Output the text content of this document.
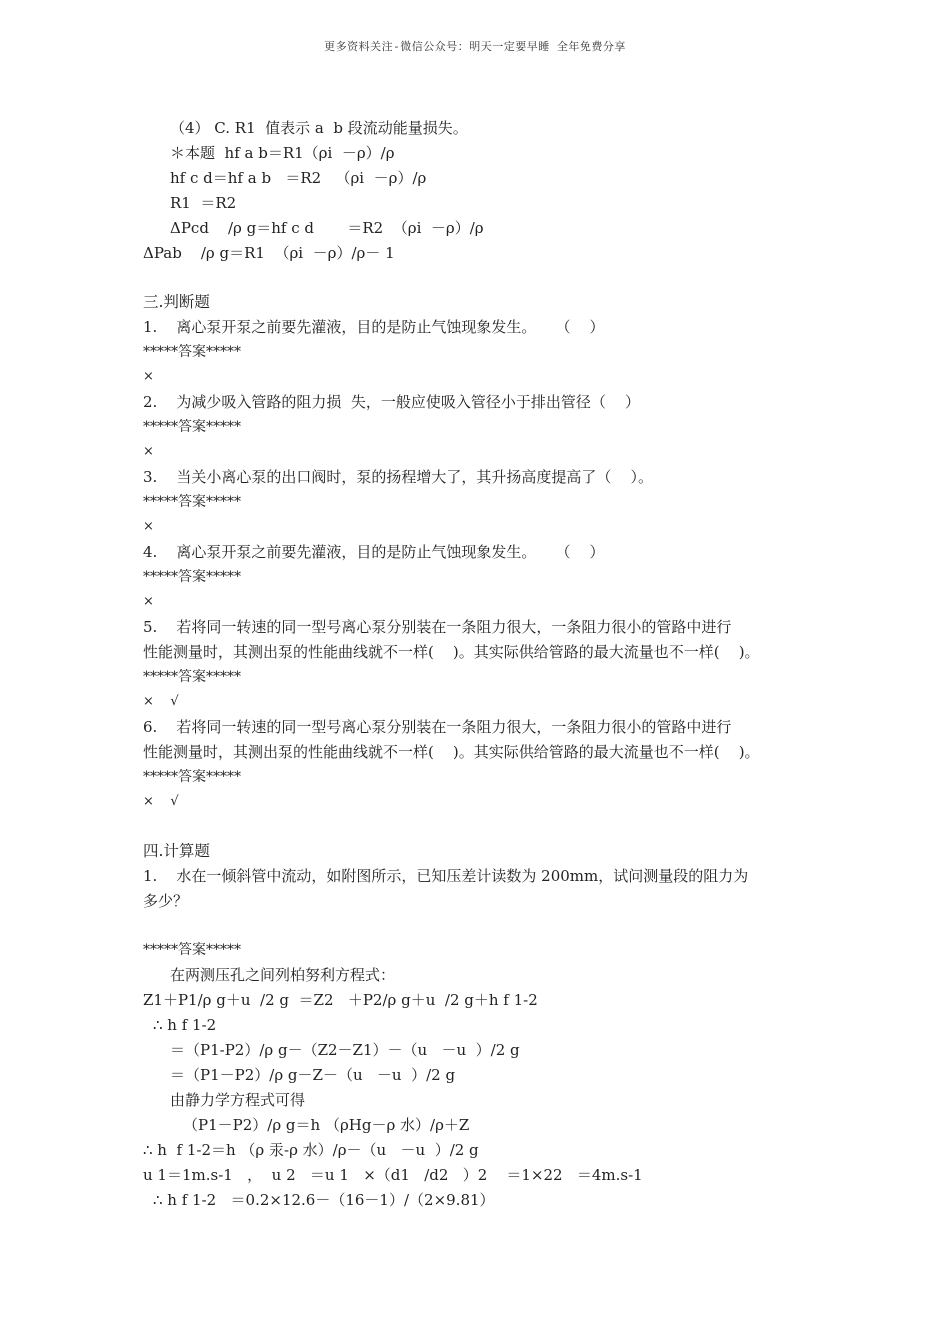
更多资料关注-微信公众号：明天一定要早睡 全年免费分享
（4） C. R1  值表示 a  b 段流动能量损失。
＊本题  hf a b＝R1（ρi  －ρ）/ρ
hf c d＝hf a b   ＝R2   （ρi  －ρ）/ρ
R1  ＝R2
ΔPcd    /ρ g＝hf c d       ＝R2  （ρi  －ρ）/ρ
ΔPab    /ρ g＝R1  （ρi  －ρ）/ρ－ 1
三.判断题
1.    离心泵开泵之前要先灌液，目的是防止气蚀现象发生。    （    ）
*****答案*****
×
2.    为减少吸入管路的阻力损  失，一般应使吸入管径小于排出管径（    ）
*****答案*****
×
3.    当关小离心泵的出口阀时，泵的扬程增大了，其升扬高度提高了（    ）。
*****答案*****
×
4.    离心泵开泵之前要先灌液，目的是防止气蚀现象发生。    （    ）
*****答案*****
×
5.    若将同一转速的同一型号离心泵分别装在一条阻力很大，一条阻力很小的管路中进行
性能测量时，其测出泵的性能曲线就不一样(    )。其实际供给管路的最大流量也不一样(    )。
*****答案*****
×    √
6.    若将同一转速的同一型号离心泵分别装在一条阻力很大，一条阻力很小的管路中进行
性能测量时，其测出泵的性能曲线就不一样(    )。其实际供给管路的最大流量也不一样(    )。
*****答案*****
×    √
四.计算题
1.    水在一倾斜管中流动，如附图所示，已知压差计读数为 200mm，试问测量段的阻力为
多少？
*****答案*****
在两测压孔之间列柏努利方程式：
Z1＋P1/ρ g＋u  /2 g  ＝Z2   ＋P2/ρ g＋u  /2 g＋h f 1-2
∴ h f 1-2
＝（P1-P2）/ρ g－（Z2－Z1）－（u   －u  ）/2 g
＝（P1－P2）/ρ g－Z－（u   －u  ）/2 g
由静力学方程式可得
（P1－P2）/ρ g＝h （ρHg－ρ 水）/ρ＋Z
∴ h  f 1-2＝h （ρ 汞-ρ 水）/ρ－（u   －u  ）/2 g
u 1＝1m.s-1   ，  u 2   ＝u 1   ×（d1   /d2   ）2    ＝1×22   ＝4m.s-1
∴ h f 1-2   ＝0.2×12.6－（16－1）/（2×9.81）
